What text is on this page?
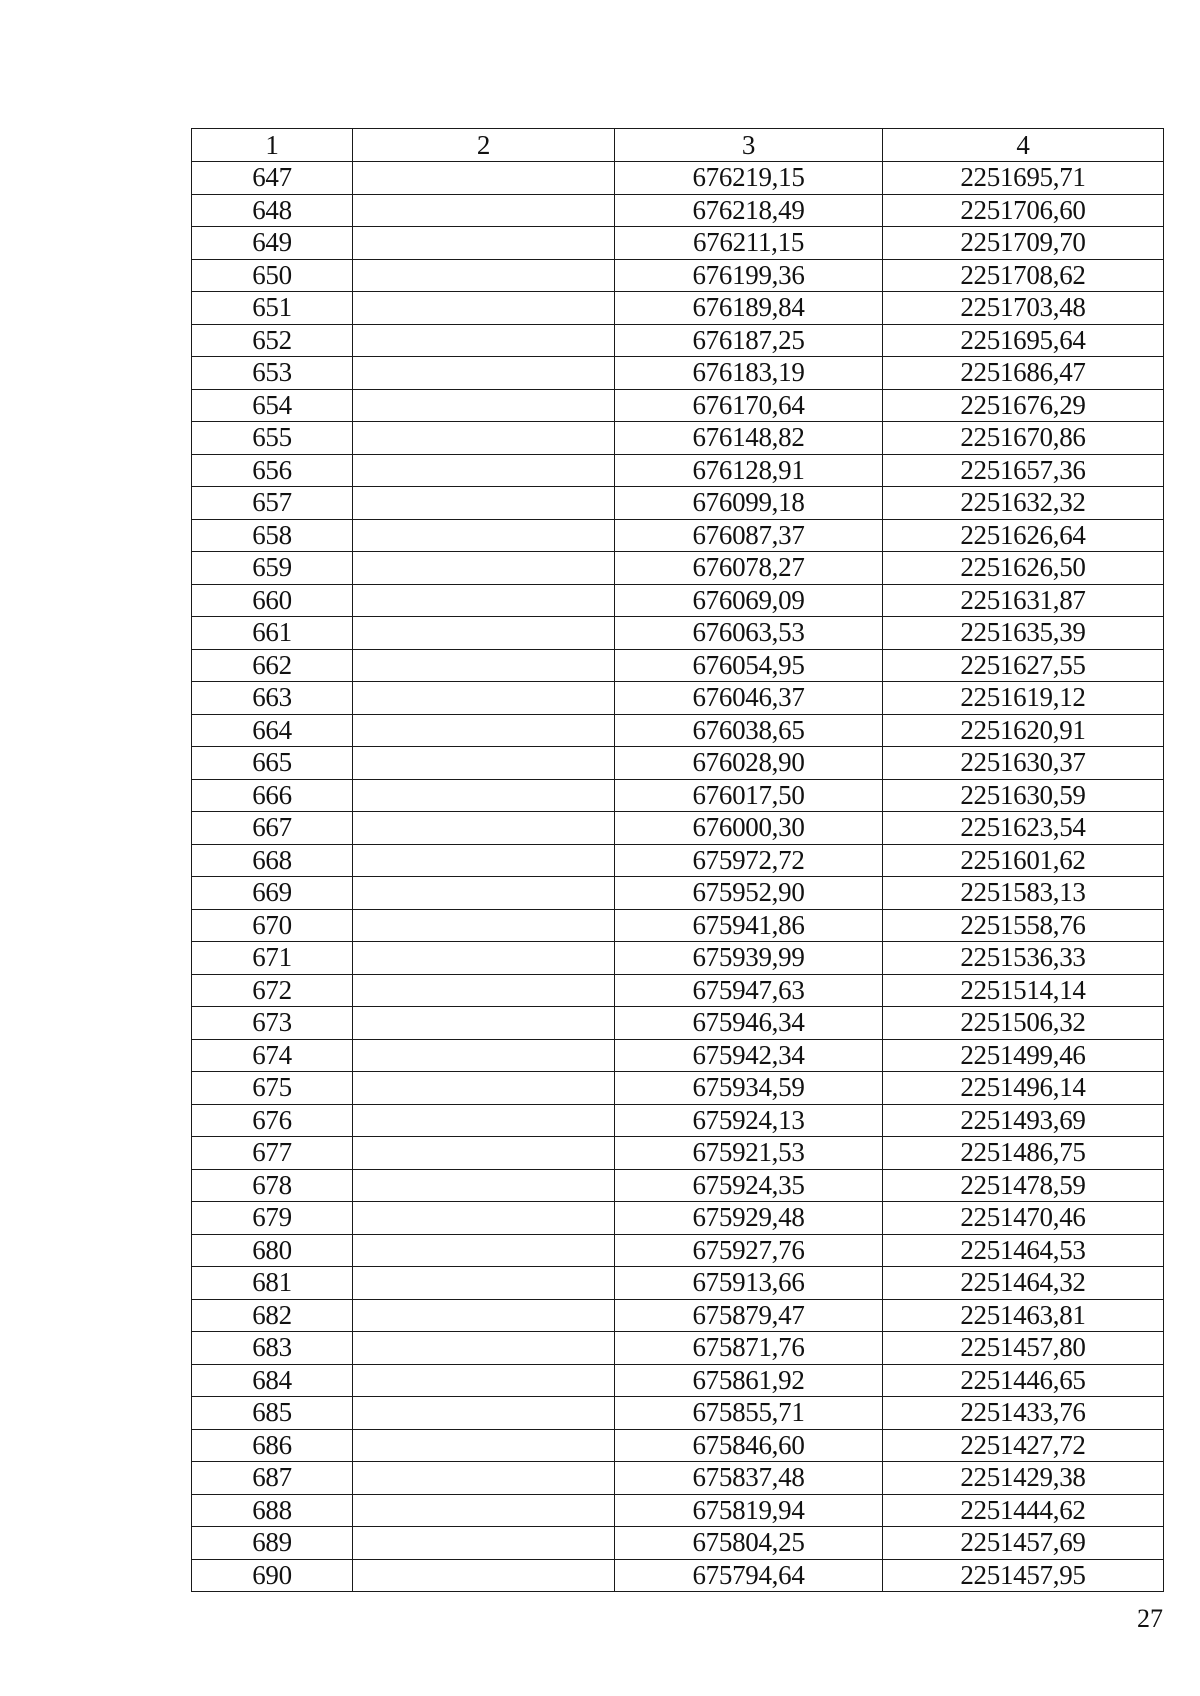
1	2	3	4
647		676219,15	2251695,71
648		676218,49	2251706,60
649		676211,15	2251709,70
650		676199,36	2251708,62
651		676189,84	2251703,48
652		676187,25	2251695,64
653		676183,19	2251686,47
654		676170,64	2251676,29
655		676148,82	2251670,86
656		676128,91	2251657,36
657		676099,18	2251632,32
658		676087,37	2251626,64
659		676078,27	2251626,50
660		676069,09	2251631,87
661		676063,53	2251635,39
662		676054,95	2251627,55
663		676046,37	2251619,12
664		676038,65	2251620,91
665		676028,90	2251630,37
666		676017,50	2251630,59
667		676000,30	2251623,54
668		675972,72	2251601,62
669		675952,90	2251583,13
670		675941,86	2251558,76
671		675939,99	2251536,33
672		675947,63	2251514,14
673		675946,34	2251506,32
674		675942,34	2251499,46
675		675934,59	2251496,14
676		675924,13	2251493,69
677		675921,53	2251486,75
678		675924,35	2251478,59
679		675929,48	2251470,46
680		675927,76	2251464,53
681		675913,66	2251464,32
682		675879,47	2251463,81
683		675871,76	2251457,80
684		675861,92	2251446,65
685		675855,71	2251433,76
686		675846,60	2251427,72
687		675837,48	2251429,38
688		675819,94	2251444,62
689		675804,25	2251457,69
690		675794,64	2251457,95
27
